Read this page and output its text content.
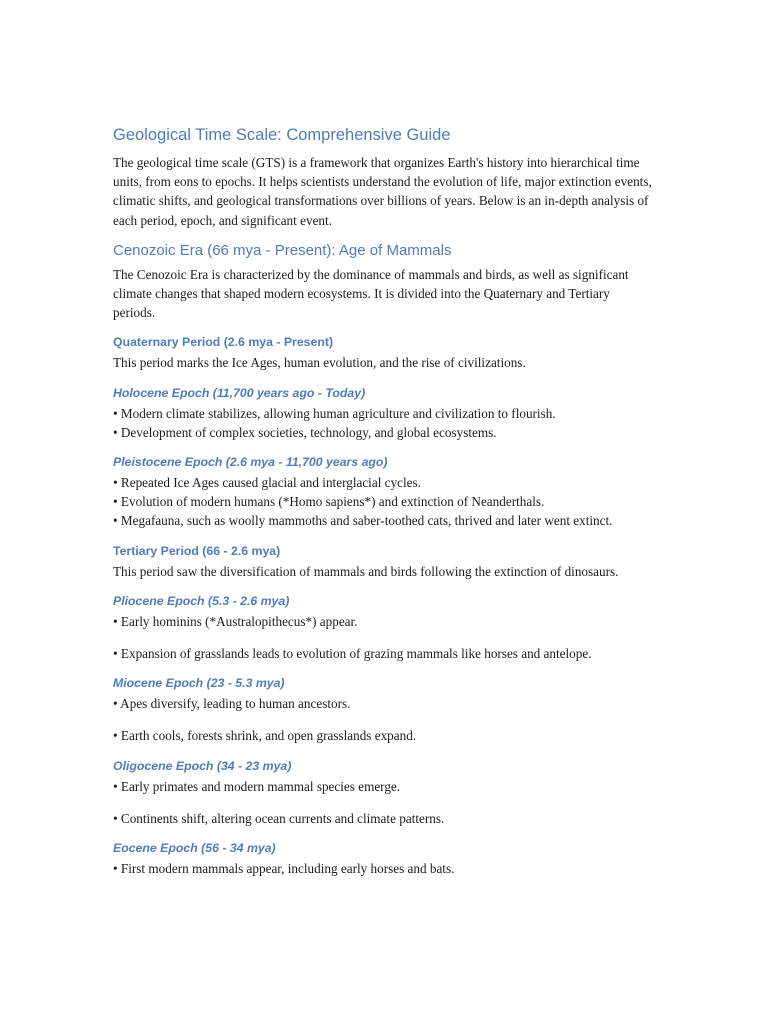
Geological Time Scale: Comprehensive Guide

The geological time scale (GTS) is a framework that organizes Earth's history into hierarchical time units, from eons to epochs. It helps scientists understand the evolution of life, major extinction events, climatic shifts, and geological transformations over billions of years. Below is an in-depth analysis of each period, epoch, and significant event.

Cenozoic Era (66 mya - Present): Age of Mammals

The Cenozoic Era is characterized by the dominance of mammals and birds, as well as significant climate changes that shaped modern ecosystems. It is divided into the Quaternary and Tertiary periods.

Quaternary Period (2.6 mya - Present)

This period marks the Ice Ages, human evolution, and the rise of civilizations.

Holocene Epoch (11,700 years ago - Today)

• Modern climate stabilizes, allowing human agriculture and civilization to flourish.

• Development of complex societies, technology, and global ecosystems.

Pleistocene Epoch (2.6 mya - 11,700 years ago)

• Repeated Ice Ages caused glacial and interglacial cycles.

• Evolution of modern humans (*Homo sapiens*) and extinction of Neanderthals.

• Megafauna, such as woolly mammoths and saber-toothed cats, thrived and later went extinct.

Tertiary Period (66 - 2.6 mya)

This period saw the diversification of mammals and birds following the extinction of dinosaurs.

Pliocene Epoch (5.3 - 2.6 mya)

• Early hominins (*Australopithecus*) appear.

• Expansion of grasslands leads to evolution of grazing mammals like horses and antelope.

Miocene Epoch (23 - 5.3 mya)

• Apes diversify, leading to human ancestors.

• Earth cools, forests shrink, and open grasslands expand.

Oligocene Epoch (34 - 23 mya)

• Early primates and modern mammal species emerge.

• Continents shift, altering ocean currents and climate patterns.

Eocene Epoch (56 - 34 mya)

• First modern mammals appear, including early horses and bats.
